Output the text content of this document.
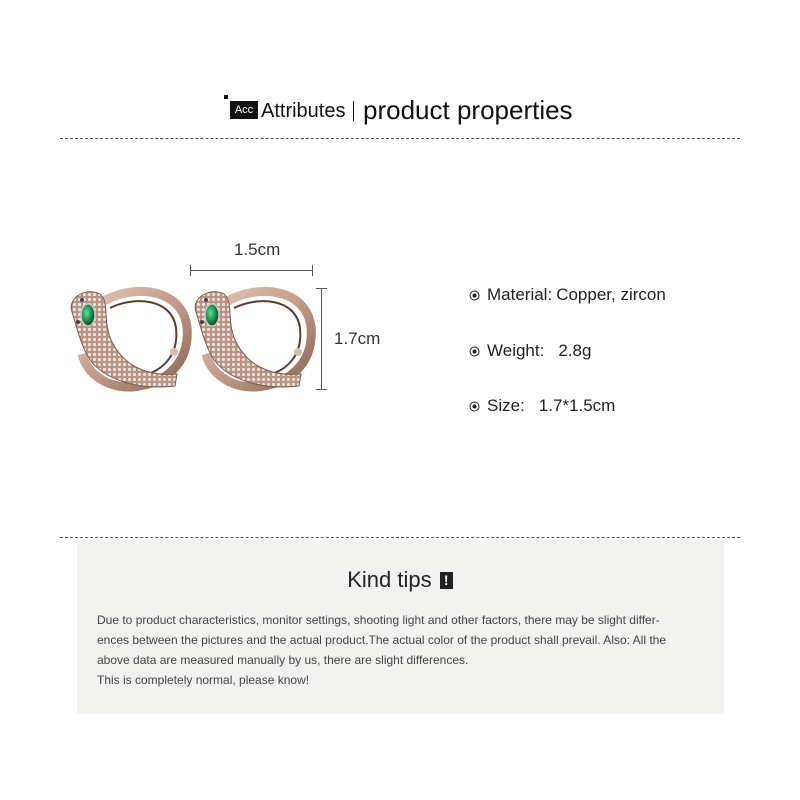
Acc Attributes product properties
1.5cm
1.7cm
Material: Copper, zircon
Weight: 2.8g
Size: 1.7*1.5cm
Kind tips !
Due to product characteristics, monitor settings, shooting light and other factors, there may be slight differ-
ences between the pictures and the actual product.The actual color of the product shall prevail. Also: All the
above data are measured manually by us, there are slight differences.
This is completely normal, please know!
